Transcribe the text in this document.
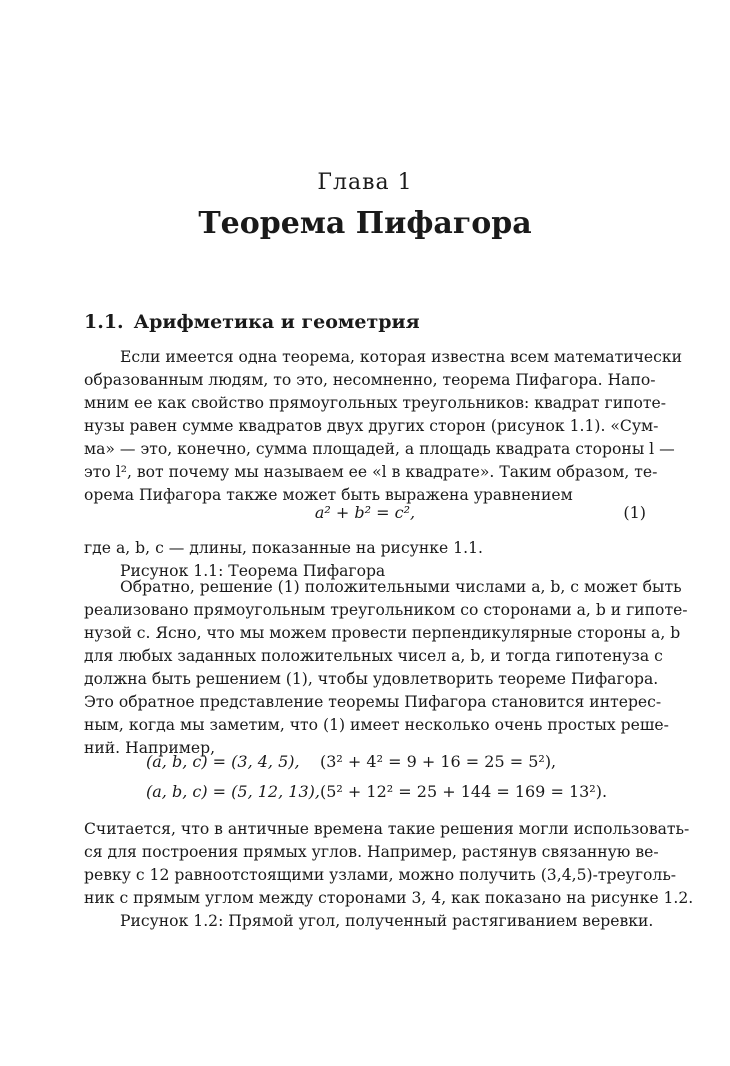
Глава 1
Теорема Пифагора
1.1. Арифметика и геометрия
Если имеется одна теорема, которая известна всем математически
образованным людям, то это, несомненно, теорема Пифагора. Напо-
мним ее как свойство прямоугольных треугольников: квадрат гипоте-
нузы равен сумме квадратов двух других сторон (рисунок 1.1). «Сум-
ма» — это, конечно, сумма площадей, а площадь квадрата стороны l —
это l², вот почему мы называем ее «l в квадрате». Таким образом, те-
орема Пифагора также может быть выражена уравнением
a² + b² = c²,	(1)
где a, b, c — длины, показанные на рисунке 1.1.
Рисунок 1.1: Теорема Пифагора
Обратно, решение (1) положительными числами a, b, c может быть
реализовано прямоугольным треугольником со сторонами a, b и гипоте-
нузой c. Ясно, что мы можем провести перпендикулярные стороны a, b
для любых заданных положительных чисел a, b, и тогда гипотенуза c
должна быть решением (1), чтобы удовлетворить теореме Пифагора.
Это обратное представление теоремы Пифагора становится интерес-
ным, когда мы заметим, что (1) имеет несколько очень простых реше-
ний. Например,
(a, b, c) = (3, 4, 5), (3² + 4² = 9 + 16 = 25 = 5²),
(a, b, c) = (5, 12, 13), (5² + 12² = 25 + 144 = 169 = 13²).
Считается, что в античные времена такие решения могли использовать-
ся для построения прямых углов. Например, растянув связанную ве-
ревку с 12 равноотстоящими узлами, можно получить (3,4,5)-треуголь-
ник с прямым углом между сторонами 3, 4, как показано на рисунке 1.2.
Рисунок 1.2: Прямой угол, полученный растягиванием веревки.
